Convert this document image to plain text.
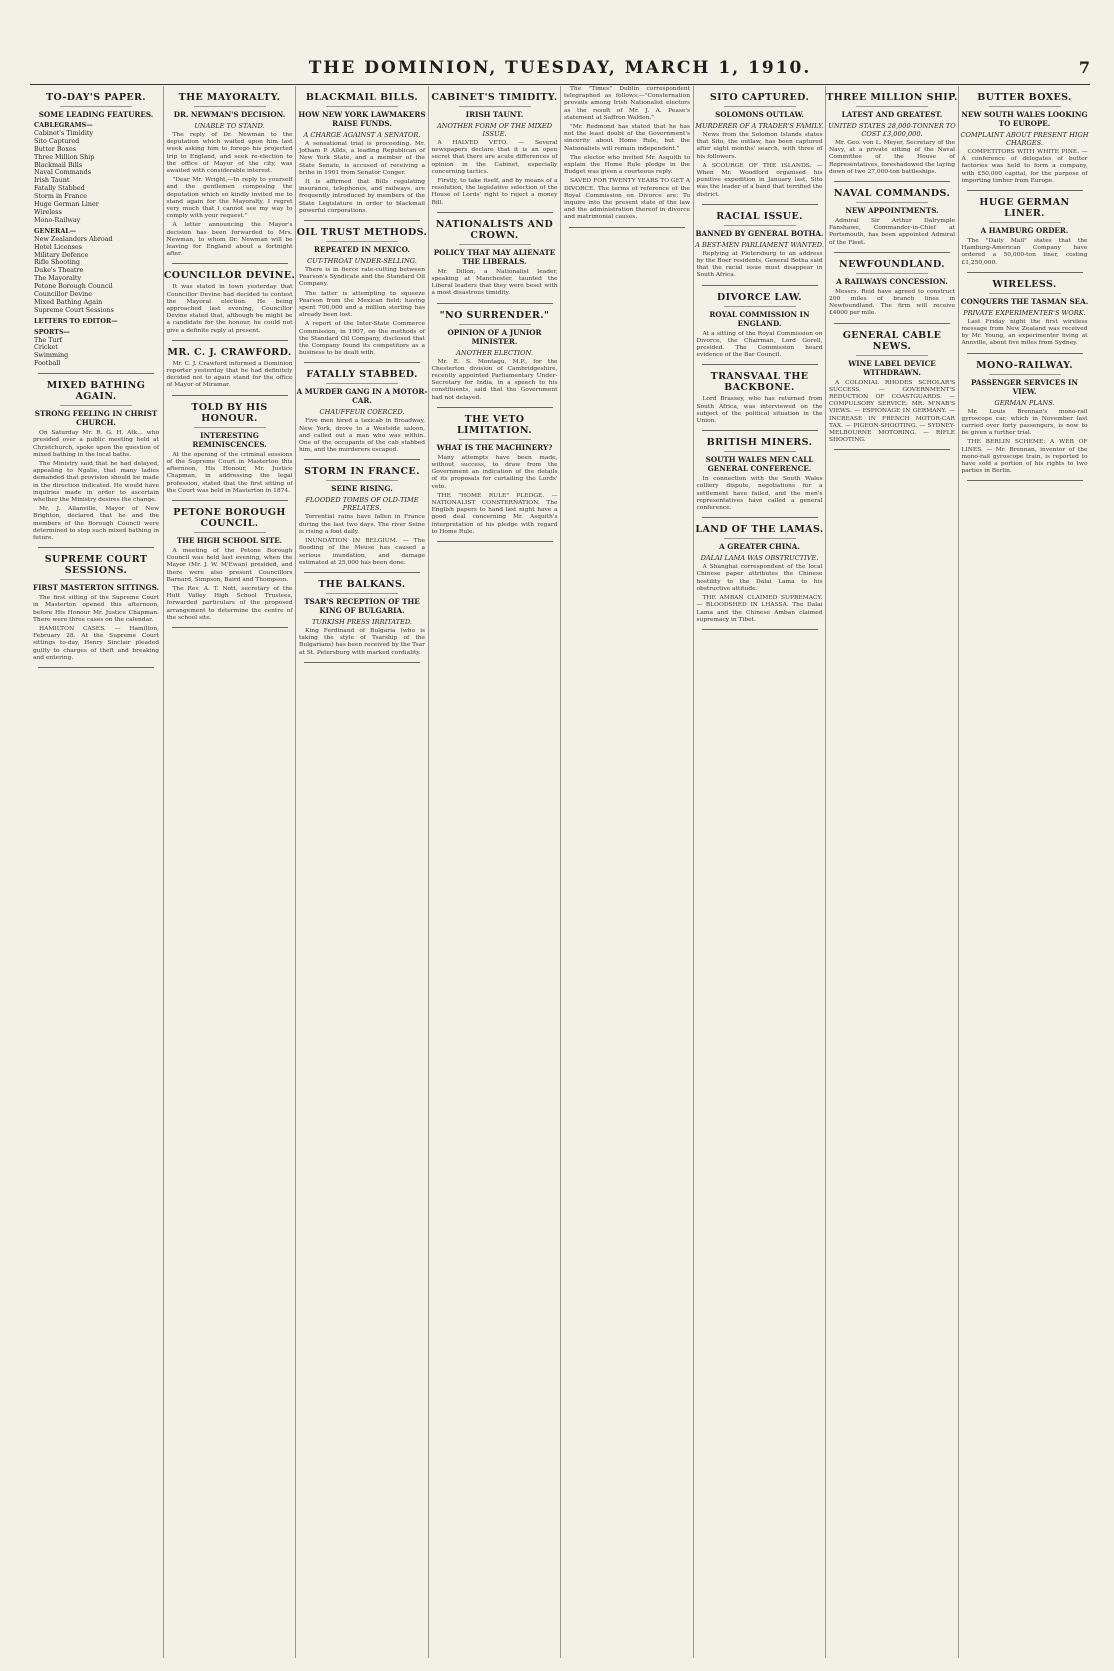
THE DOMINION, TUESDAY, MARCH 1, 1910.	7
TO-DAY'S PAPER.
SOME LEADING FEATURES.
CABLEGRAMS—
Cabinet's Timidity
Sito Captured
Butter Boxes
Three Million Ship
Blackmail Bills
Naval Commands
Irish Taunt
Fatally Stabbed
Storm in France
Huge German Liner
Wireless
Mono-Railway
GENERAL—
New Zealanders Abroad
Hotel Licenses
Military Defence
Rifle Shooting
Duke's Theatre
The Mayoralty
Petone Borough Council
Councillor Devine
Mixed Bathing Again
Supreme Court Sessions
LETTERS TO EDITOR—
SPORTS—
The Turf
Cricket
Swimming
Football
MIXED BATHING AGAIN.
STRONG FEELING IN CHRIST CHURCH.

On Saturday Mr. R. G. H. Atk... who presided over a public meeting held at Christchurch, spoke upon the question of mixed bathing in the local baths.

The Ministry said that he had delayed, appealing to Ngalie, that many ladies demanded that provision should be made in the direction indicated. He would have inquiries made in order to ascertain whether the Ministry desires the change.

Mr. J. Allanville, Mayor of New Brighton, declared that he and the members of the Borough Council were determined to stop such mixed bathing in future.

SUPREME COURT SESSIONS.
FIRST MASTERTON SITTINGS.

The first sitting of the Supreme Court in Masterton opened this afternoon, before His Honour Mr. Justice Chapman. There were three cases on the calendar.

HAMILTON CASES. — Hamilton, February 28. At the Supreme Court sittings to-day, Henry Sinclair pleaded guilty to charges of theft and breaking and entering.

THE MAYORALTY.
DR. NEWMAN'S DECISION.
UNABLE TO STAND.

The reply of Dr. Newman to the deputation which waited upon him last week asking him to forego his projected trip to England, and seek re-election to the office of Mayor of the city, was awaited with considerable interest.

"Dear Mr. Wright,—In reply to yourself and the gentlemen composing the deputation which so kindly invited me to stand again for the Mayoralty, I regret very much that I cannot see my way to comply with your request."

A letter announcing the Mayor's decision has been forwarded to Mrs. Newman, to whom Dr. Newman will be leaving for England about a fortnight after.

COUNCILLOR DEVINE.

It was stated in town yesterday that Councillor Devine had decided to contest the Mayoral election. He being approached last evening, Councillor Devine stated that, although he might be a candidate for the honour, he could not give a definite reply at present.

MR. C. J. CRAWFORD.

Mr. C. J. Crawford informed a Dominion reporter yesterday that he had definitely decided not to again stand for the office of Mayor of Miramar.

TOLD BY HIS HONOUR.
INTERESTING REMINISCENCES.

At the opening of the criminal sessions of the Supreme Court in Masterton this afternoon, His Honour, Mr. Justice Chapman, in addressing the legal profession, stated that the first sitting of the Court was held in Masterton in 1874.

PETONE BOROUGH COUNCIL.
THE HIGH SCHOOL SITE.

A meeting of the Petone Borough Council was held last evening, when the Mayor (Mr. J. W. M'Ewan) presided, and there were also present Councillors Barnard, Simpson, Baird and Thompson.

The Rev. A. T. Nott, secretary of the Hutt Valley High School Trustees, forwarded particulars of the proposed arrangement to determine the centre of the school site.

BLACKMAIL BILLS.
HOW NEW YORK LAWMAKERS RAISE FUNDS.
A CHARGE AGAINST A SENATOR.

A sensational trial is proceeding. Mr. Jotham P. Allds, a leading Republican of New York State, and a member of the State Senate, is accused of receiving a bribe in 1901 from Senator Conger.

It is affirmed that Bills regulating insurance, telephones, and railways, are frequently introduced by members of the State Legislature in order to blackmail powerful corporations.

OIL TRUST METHODS.
REPEATED IN MEXICO.
CUT-THROAT UNDER-SELLING.

There is in fierce rate-cutting between Pearson's Syndicate and the Standard Oil Company.

The latter is attempting to squeeze Pearson from the Mexican field; having spent 700,000 and a million sterling has already been lost.

A report of the Inter-State Commerce Commission, in 1907, on the methods of the Standard Oil Company, disclosed that the Company found its competitors as a business to be dealt with.

FATALLY STABBED.
A MURDER GANG IN A MOTOR-CAR.
CHAUFFEUR COERCED.

Five men hired a taxicab in Broadway, New York, drove to a Westside saloon, and called out a man who was within. One of the occupants of the cab stabbed him, and the murderers escaped.

STORM IN FRANCE.
SEINE RISING.
FLOODED TOMBS OF OLD-TIME PRELATES.

Torrential rains have fallen in France during the last two days. The river Seine is rising a foot daily.

INUNDATION IN BELGIUM. — The flooding of the Meuse has caused a serious inundation, and damage estimated at 25,000 has been done.

THE BALKANS.
TSAR'S RECEPTION OF THE KING OF BULGARIA.
TURKISH PRESS IRRITATED.

King Ferdinand of Bulgaria (who is taking the style of Tsarship of the Bulgarians) has been received by the Tsar at St. Petersburg with marked cordiality.

CABINET'S TIMIDITY.
IRISH TAUNT.
ANOTHER FORM OF THE MIXED ISSUE.

A HALVED VETO. — Several newspapers declare that it is an open secret that there are acute differences of opinion in the Cabinet, especially concerning tactics.

Firstly, to take itself, and by means of a resolution, the legislative selection of the House of Lords' right to reject a money Bill.

NATIONALISTS AND CROWN.
POLICY THAT MAY ALIENATE THE LIBERALS.

Mr. Dillon, a Nationalist leader, speaking at Manchester, taunted the Liberal leaders that they were beset with a most disastrous timidity.

"NO SURRENDER."
OPINION OF A JUNIOR MINISTER.
ANOTHER ELECTION.

Mr. E. S. Montagu, M.P., for the Chesterton division of Cambridgeshire, recently appointed Parliamentary Under-Secretary for India, in a speech to his constituents, said that the Government had not delayed.

THE VETO LIMITATION.
WHAT IS THE MACHINERY?

Many attempts have been made, without success, to draw from the Government an indication of the details of its proposals for curtailing the Lords' veto.

THE "HOME RULE" PLEDGE. — NATIONALIST CONSTERNATION. The English papers to hand last night have a good deal concerning Mr. Asquith's interpretation of his pledge with regard to Home Rule.

The "Times" Dublin correspondent telegraphed as follows:—"Consternation prevails among Irish Nationalist electors as the result of Mr. J. A. Pease's statement at Saffron Walden."

"Mr. Redmond has stated that he has not the least doubt of the Government's sincerity about Home Rule, but the Nationalists will remain independent."

The elector who invited Mr. Asquith to explain the Home Rule pledge in the Budget was given a courteous reply.

SAVED FOR TWENTY YEARS TO GET A DIVORCE. The terms of reference of the Royal Commission on Divorce are: To inquire into the present state of the law and the administration thereof in divorce and matrimonial causes.

SITO CAPTURED.
SOLOMONS OUTLAW.
MURDERER OF A TRADER'S FAMILY.

News from the Solomon Islands states that Sito, the outlaw, has been captured after eight months' search, with three of his followers.

A SCOURGE OF THE ISLANDS. — When Mr. Woodford organised his punitive expedition in January last, Sito was the leader of a band that terrified the district.

RACIAL ISSUE.
BANNED BY GENERAL BOTHA.
A BEST-MEN PARLIAMENT WANTED.

Replying at Pietersburg to an address by the Boer residents, General Botha said that the racial issue must disappear in South Africa.

DIVORCE LAW.
ROYAL COMMISSION IN ENGLAND.

At a sitting of the Royal Commission on Divorce, the Chairman, Lord Gorell, presided. The Commission heard evidence of the Bar Council.

TRANSVAAL THE BACKBONE.

Lord Brassey, who has returned from South Africa, was interviewed on the subject of the political situation in the Union.

BRITISH MINERS.
SOUTH WALES MEN CALL GENERAL CONFERENCE.

In connection with the South Wales colliery dispute, negotiations for a settlement have failed, and the men's representatives have called a general conference.

LAND OF THE LAMAS.
A GREATER CHINA.
DALAI LAMA WAS OBSTRUCTIVE.

A Shanghai correspondent of the local Chinese paper attributes the Chinese hostility to the Dalai Lama to his obstructive attitude.

THE AMBAN CLAIMED SUPREMACY. — BLOODSHED IN LHASSA. The Dalai Lama and the Chinese Amban claimed supremacy in Tibet.

THREE MILLION SHIP.
LATEST AND GREATEST.
UNITED STATES 28,000-TONNER TO COST £3,000,000.

Mr. Geo. von L. Meyer, Secretary of the Navy, at a private sitting of the Naval Committee of the House of Representatives, foreshadowed the laying down of two 27,000-ton battleships.

NAVAL COMMANDS.
NEW APPOINTMENTS.

Admiral Sir Arthur Dalrymple Fanshawe, Commander-in-Chief at Portsmouth, has been appointed Admiral of the Fleet.

NEWFOUNDLAND.
A RAILWAYS CONCESSION.

Messrs. Reid have agreed to construct 200 miles of branch lines in Newfoundland. The firm will receive £4000 per mile.

GENERAL CABLE NEWS.
WINE LABEL DEVICE WITHDRAWN.

A COLONIAL RHODES SCHOLAR'S SUCCESS. — GOVERNMENT'S REDUCTION OF COASTGUARDS. — COMPULSORY SERVICE: MR. M'NAB'S VIEWS. — ESPIONAGE IN GERMANY. — INCREASE IN FRENCH MOTOR-CAR TAX. — PIGEON-SHOOTING. — SYDNEY-MELBOURNE MOTORING. — RIFLE SHOOTING.

BUTTER BOXES.
NEW SOUTH WALES LOOKING TO EUROPE.
COMPLAINT ABOUT PRESENT HIGH CHARGES.

COMPETITORS WITH WHITE PINE. — A conference of delegates of butter factories was held to form a company, with £50,000 capital, for the purpose of importing timber from Europe.

HUGE GERMAN LINER.
A HAMBURG ORDER.

The "Daily Mail" states that the Hamburg-American Company have ordered a 50,000-ton liner, costing £1,250,000.

WIRELESS.
CONQUERS THE TASMAN SEA.
PRIVATE EXPERIMENTER'S WORK.

Last Friday night the first wireless message from New Zealand was received by Mr. Young, an experimenter living at Annville, about five miles from Sydney.

MONO-RAILWAY.
PASSENGER SERVICES IN VIEW.
GERMAN PLANS.

Mr. Louis Brennan's mono-rail gyroscope car, which in November last carried over forty passengers, is now to be given a further trial.

THE BERLIN SCHEME: A WEB OF LINES. — Mr. Brennan, inventor of the mono-rail gyroscope train, is reported to have sold a portion of his rights to two parties in Berlin.
